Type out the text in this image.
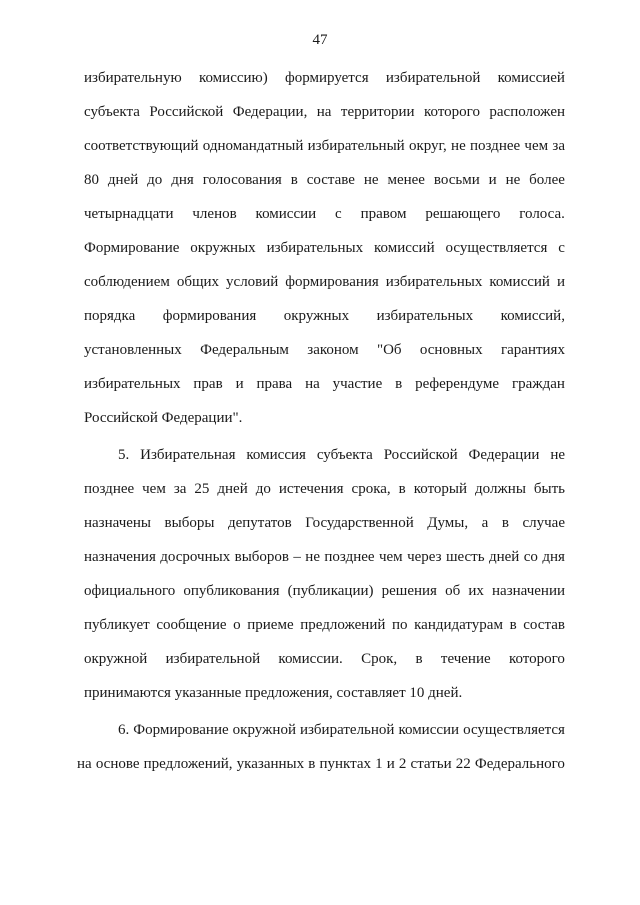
47
избирательную комиссию) формируется избирательной комиссией
субъекта Российской Федерации, на территории которого расположен
соответствующий одномандатный избирательный округ, не позднее чем за
80 дней до дня голосования в составе не менее восьми и не более
четырнадцати членов комиссии с правом решающего голоса.
Формирование окружных избирательных комиссий осуществляется с
соблюдением общих условий формирования избирательных комиссий и
порядка формирования окружных избирательных комиссий,
установленных Федеральным законом "Об основных гарантиях
избирательных прав и права на участие в референдуме граждан
Российской Федерации".
5. Избирательная комиссия субъекта Российской Федерации не
позднее чем за 25 дней до истечения срока, в который должны быть
назначены выборы депутатов Государственной Думы, а в случае
назначения досрочных выборов – не позднее чем через шесть дней со дня
официального опубликования (публикации) решения об их назначении
публикует сообщение о приеме предложений по кандидатурам в состав
окружной избирательной комиссии. Срок, в течение которого
принимаются указанные предложения, составляет 10 дней.
6. Формирование окружной избирательной комиссии осуществляется
на основе предложений, указанных в пунктах 1 и 2 статьи 22 Федерального
